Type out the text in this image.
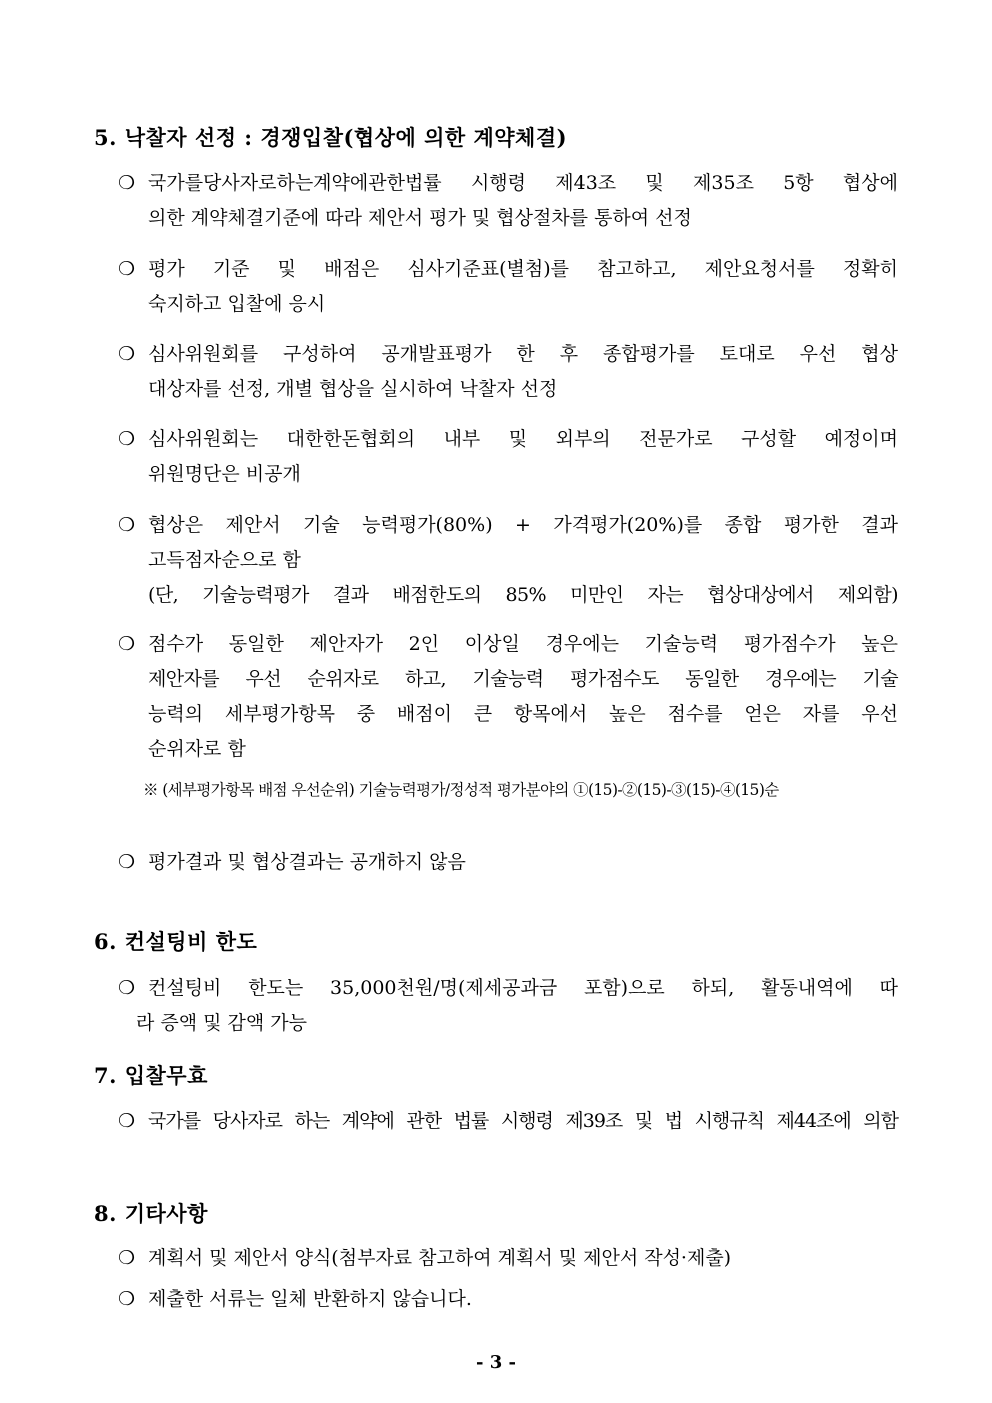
5. 낙찰자 선정 : 경쟁입찰(협상에 의한 계약체결)
❍ 국가를당사자로하는계약에관한법률 시행령 제43조 및 제35조 5항 협상에
의한 계약체결기준에 따라 제안서 평가 및 협상절차를 통하여 선정
❍ 평가 기준 및 배점은 심사기준표(별첨)를 참고하고, 제안요청서를 정확히
숙지하고 입찰에 응시
❍ 심사위원회를 구성하여 공개발표평가 한 후 종합평가를 토대로 우선 협상
대상자를 선정, 개별 협상을 실시하여 낙찰자 선정
❍ 심사위원회는 대한한돈협회의 내부 및 외부의 전문가로 구성할 예정이며
위원명단은 비공개
❍ 협상은 제안서 기술 능력평가(80%) + 가격평가(20%)를 종합 평가한 결과
고득점자순으로 함
(단, 기술능력평가 결과 배점한도의 85% 미만인 자는 협상대상에서 제외함)
❍ 점수가 동일한 제안자가 2인 이상일 경우에는 기술능력 평가점수가 높은
제안자를 우선 순위자로 하고, 기술능력 평가점수도 동일한 경우에는 기술
능력의 세부평가항목 중 배점이 큰 항목에서 높은 점수를 얻은 자를 우선
순위자로 함
※ (세부평가항목 배점 우선순위) 기술능력평가/정성적 평가분야의 ①(15)-②(15)-③(15)-④(15)순
❍ 평가결과 및 협상결과는 공개하지 않음
6. 컨설팅비 한도
❍ 컨설팅비 한도는 35,000천원/명(제세공과금 포함)으로 하되, 활동내역에 따
라 증액 및 감액 가능
7. 입찰무효
❍ 국가를 당사자로 하는 계약에 관한 법률 시행령 제39조 및 법 시행규칙 제44조에 의함
8. 기타사항
❍ 계획서 및 제안서 양식(첨부자료 참고하여 계획서 및 제안서 작성·제출)
❍ 제출한 서류는 일체 반환하지 않습니다.
- 3 -
